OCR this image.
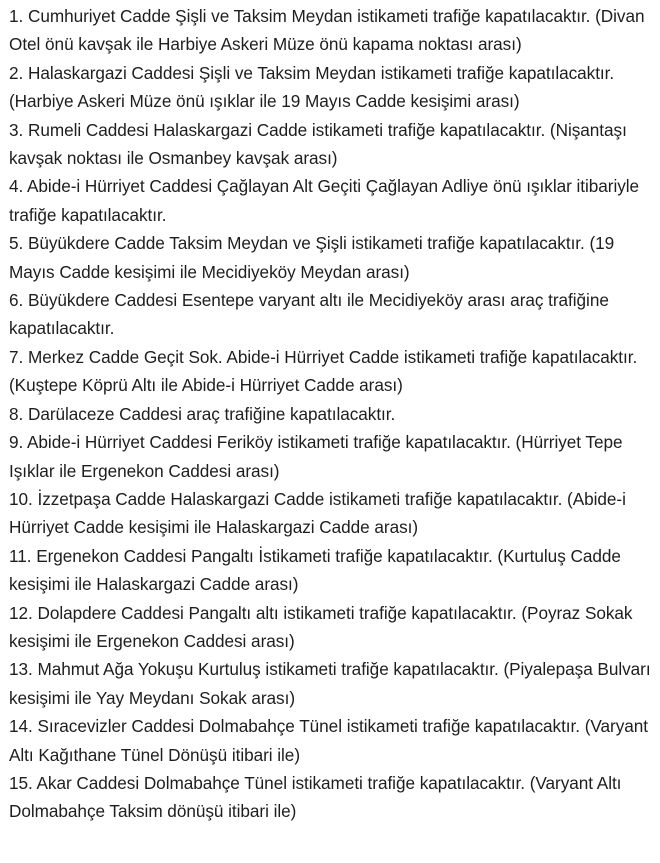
1. Cumhuriyet Cadde Şişli ve Taksim Meydan istikameti trafiğe kapatılacaktır. (Divan Otel önü kavşak ile Harbiye Askeri Müze önü kapama noktası arası)

2. Halaskargazi Caddesi Şişli ve Taksim Meydan istikameti trafiğe kapatılacaktır. (Harbiye Askeri Müze önü ışıklar ile 19 Mayıs Cadde kesişimi arası)

3. Rumeli Caddesi Halaskargazi Cadde istikameti trafiğe kapatılacaktır. (Nişantaşı kavşak noktası ile Osmanbey kavşak arası)

4. Abide-i Hürriyet Caddesi Çağlayan Alt Geçiti Çağlayan Adliye önü ışıklar itibariyle trafiğe kapatılacaktır.

5. Büyükdere Cadde Taksim Meydan ve Şişli istikameti trafiğe kapatılacaktır. (19 Mayıs Cadde kesişimi ile Mecidiyeköy Meydan arası)

6. Büyükdere Caddesi Esentepe varyant altı ile Mecidiyeköy arası araç trafiğine kapatılacaktır.

7. Merkez Cadde Geçit Sok. Abide-i Hürriyet Cadde istikameti trafiğe kapatılacaktır. (Kuştepe Köprü Altı ile Abide-i Hürriyet Cadde arası)

8. Darülaceze Caddesi araç trafiğine kapatılacaktır.

9. Abide-i Hürriyet Caddesi Feriköy istikameti trafiğe kapatılacaktır. (Hürriyet Tepe Işıklar ile Ergenekon Caddesi arası)

10. İzzetpaşa Cadde Halaskargazi Cadde istikameti trafiğe kapatılacaktır. (Abide-i Hürriyet Cadde kesişimi ile Halaskargazi Cadde arası)

11. Ergenekon Caddesi Pangaltı İstikameti trafiğe kapatılacaktır. (Kurtuluş Cadde kesişimi ile Halaskargazi Cadde arası)

12. Dolapdere Caddesi Pangaltı altı istikameti trafiğe kapatılacaktır. (Poyraz Sokak kesişimi ile Ergenekon Caddesi arası)

13. Mahmut Ağa Yokuşu Kurtuluş istikameti trafiğe kapatılacaktır. (Piyalepaşa Bulvarı kesişimi ile Yay Meydanı Sokak arası)

14. Sıracevizler Caddesi Dolmabahçe Tünel istikameti trafiğe kapatılacaktır. (Varyant Altı Kağıthane Tünel Dönüşü itibari ile)

15. Akar Caddesi Dolmabahçe Tünel istikameti trafiğe kapatılacaktır. (Varyant Altı Dolmabahçe Taksim dönüşü itibari ile)
